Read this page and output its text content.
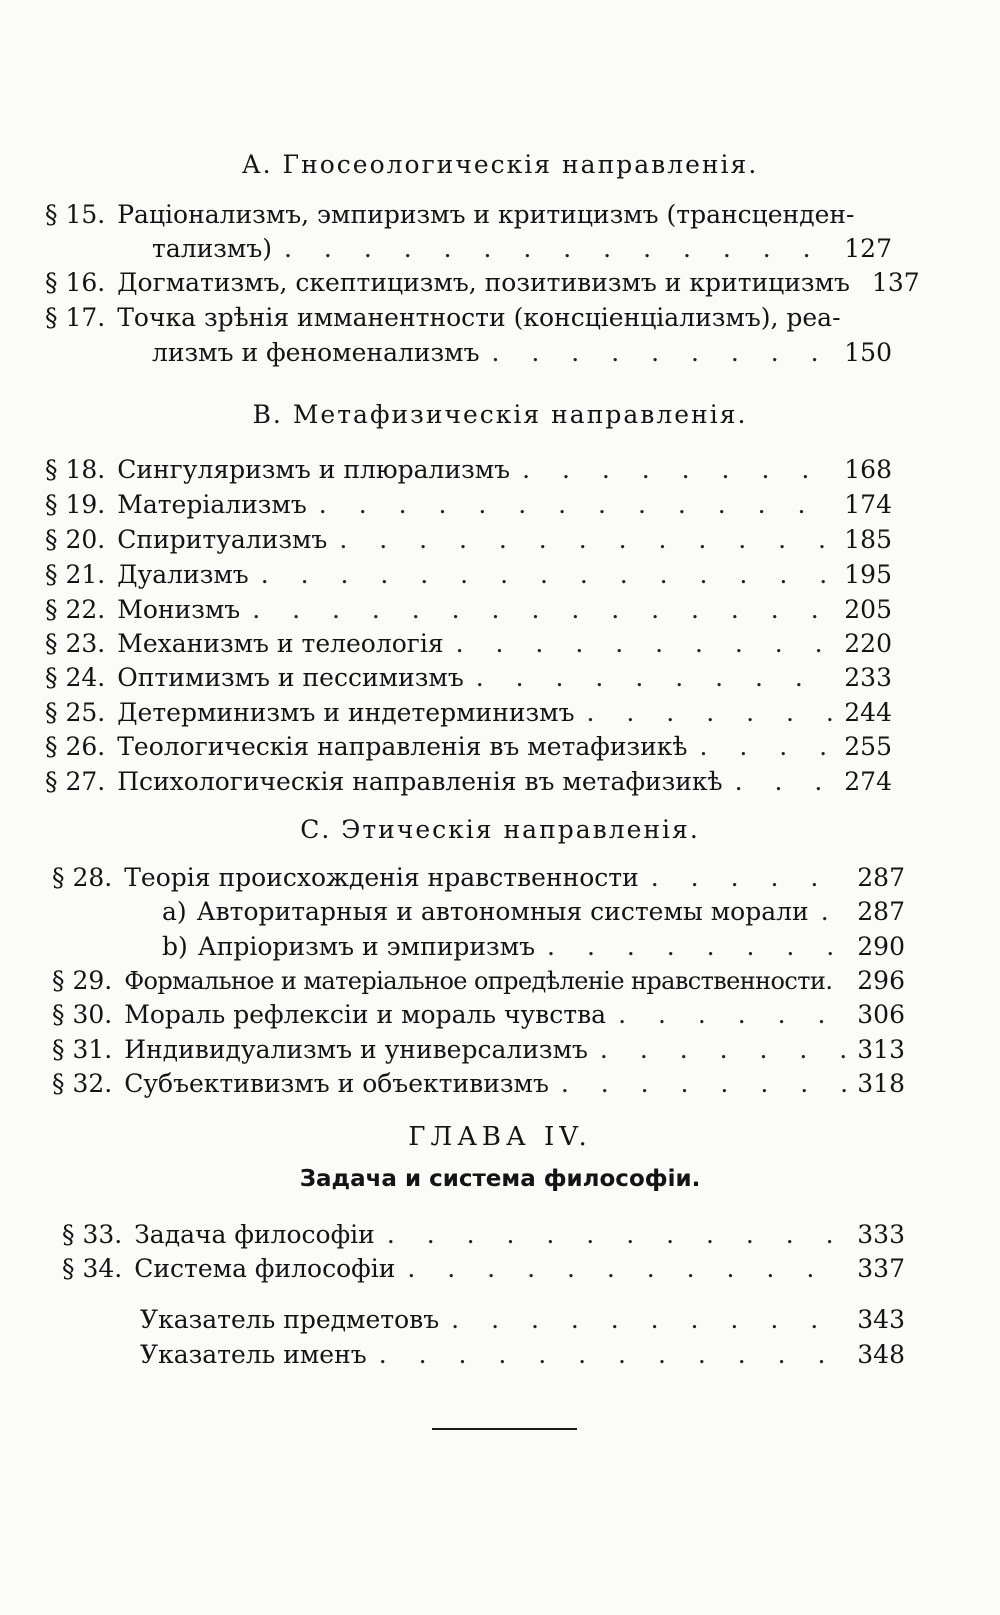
А. Гносеологическія направленія.
§ 15. Раціонализмъ, эмпиризмъ и критицизмъ (трансценден-
тализмъ) . . .	127
§ 16. Догматизмъ, скептицизмъ, позитивизмъ и критицизмъ 137
§ 17. Точка зрѣнія имманентности (консціенціализмъ), реа-
лизмъ и феноменализмъ . . .	150
В. Метафизическія направленія.
§ 18. Сингуляризмъ и плюрализмъ . . .	168
§ 19. Матеріализмъ . . .	174
§ 20. Спиритуализмъ . . .	185
§ 21. Дуализмъ . . .	195
§ 22. Монизмъ . . .	205
§ 23. Механизмъ и телеологія . . .	220
§ 24. Оптимизмъ и пессимизмъ . . .	233
§ 25. Детерминизмъ и индетерминизмъ . . .	244
§ 26. Теологическія направленія въ метафизикѣ . . .	255
§ 27. Психологическія направленія въ метафизикѣ . . .	274
С. Этическія направленія.
§ 28. Теорія происхожденія нравственности . . .	287
a) Авторитарныя и автономныя системы морали . . . 287
b) Апріоризмъ и эмпиризмъ . . .	290
§ 29. Формальное и матеріальное опредѣленіе нравственности. 296
§ 30. Мораль рефлексіи и мораль чувства . . .	306
§ 31. Индивидуализмъ и универсализмъ . . .	313
§ 32. Субъективизмъ и объективизмъ . . .	318
ГЛАВА IV.
Задача и система философіи.
§ 33. Задача философіи . . .	333
§ 34. Система философіи . . .	337
Указатель предметовъ . . .	343
Указатель именъ . . .	348
